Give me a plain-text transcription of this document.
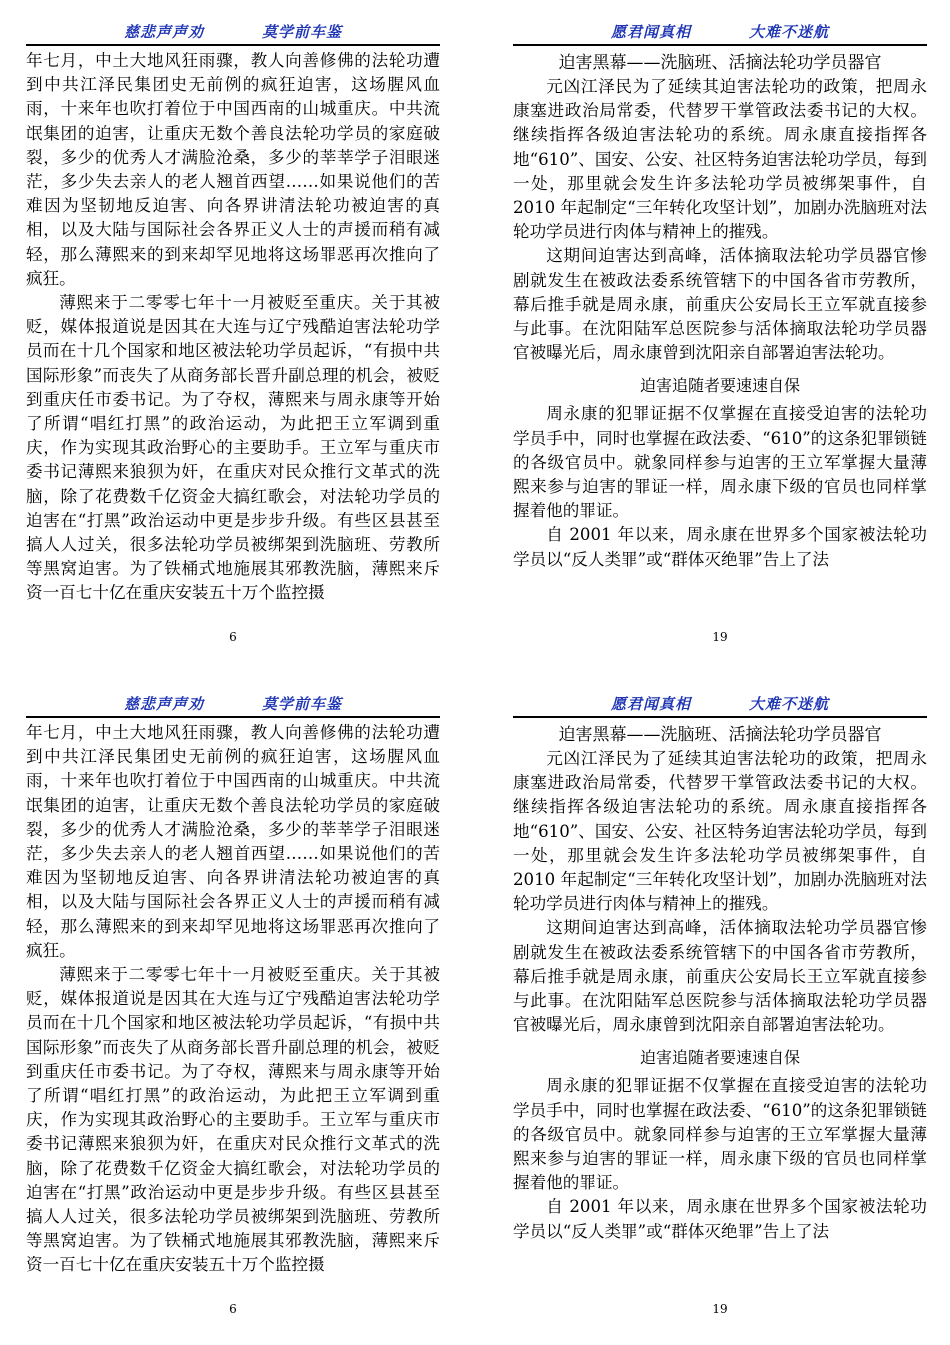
慈悲声声劝	莫学前车鉴

年七月，中土大地风狂雨骤，教人向善修佛的法轮功遭到中共江泽民集团史无前例的疯狂迫害，这场腥风血雨，十来年也吹打着位于中国西南的山城重庆。中共流氓集团的迫害，让重庆无数个善良法轮功学员的家庭破裂，多少的优秀人才满脸沧桑，多少的莘莘学子泪眼迷茫，多少失去亲人的老人翘首西望……如果说他们的苦难因为坚韧地反迫害、向各界讲清法轮功被迫害的真相，以及大陆与国际社会各界正义人士的声援而稍有减轻，那么薄熙来的到来却罕见地将这场罪恶再次推向了疯狂。

薄熙来于二零零七年十一月被贬至重庆。关于其被贬，媒体报道说是因其在大连与辽宁残酷迫害法轮功学员而在十几个国家和地区被法轮功学员起诉，“有损中共国际形象”而丧失了从商务部长晋升副总理的机会，被贬到重庆任市委书记。为了夺权，薄熙来与周永康等开始了所谓“唱红打黑”的政治运动，为此把王立军调到重庆，作为实现其政治野心的主要助手。王立军与重庆市委书记薄熙来狼狈为奸，在重庆对民众推行文革式的洗脑，除了花费数千亿资金大搞红歌会，对法轮功学员的迫害在“打黑”政治运动中更是步步升级。有些区县甚至搞人人过关，很多法轮功学员被绑架到洗脑班、劳教所等黑窝迫害。为了铁桶式地施展其邪教洗脑，薄熙来斥资一百七十亿在重庆安装五十万个监控摄

6
愿君闻真相	大难不迷航
迫害黑幕——洗脑班、活摘法轮功学员器官

元凶江泽民为了延续其迫害法轮功的政策，把周永康塞进政治局常委，代替罗干掌管政法委书记的大权。继续指挥各级迫害法轮功的系统。周永康直接指挥各地“610”、国安、公安、社区特务迫害法轮功学员，每到一处，那里就会发生许多法轮功学员被绑架事件，自 2010 年起制定“三年转化攻坚计划”，加剧办洗脑班对法轮功学员进行肉体与精神上的摧残。

这期间迫害达到高峰，活体摘取法轮功学员器官惨剧就发生在被政法委系统管辖下的中国各省市劳教所，幕后推手就是周永康，前重庆公安局长王立军就直接参与此事。在沈阳陆军总医院参与活体摘取法轮功学员器官被曝光后，周永康曾到沈阳亲自部署迫害法轮功。

迫害追随者要速速自保

周永康的犯罪证据不仅掌握在直接受迫害的法轮功学员手中，同时也掌握在政法委、“610”的这条犯罪锁链的各级官员中。就象同样参与迫害的王立军掌握大量薄熙来参与迫害的罪证一样，周永康下级的官员也同样掌握着他的罪证。

自 2001 年以来，周永康在世界多个国家被法轮功学员以“反人类罪”或“群体灭绝罪”告上了法

19
慈悲声声劝	莫学前车鉴

年七月，中土大地风狂雨骤，教人向善修佛的法轮功遭到中共江泽民集团史无前例的疯狂迫害，这场腥风血雨，十来年也吹打着位于中国西南的山城重庆。中共流氓集团的迫害，让重庆无数个善良法轮功学员的家庭破裂，多少的优秀人才满脸沧桑，多少的莘莘学子泪眼迷茫，多少失去亲人的老人翘首西望……如果说他们的苦难因为坚韧地反迫害、向各界讲清法轮功被迫害的真相，以及大陆与国际社会各界正义人士的声援而稍有减轻，那么薄熙来的到来却罕见地将这场罪恶再次推向了疯狂。

薄熙来于二零零七年十一月被贬至重庆。关于其被贬，媒体报道说是因其在大连与辽宁残酷迫害法轮功学员而在十几个国家和地区被法轮功学员起诉，“有损中共国际形象”而丧失了从商务部长晋升副总理的机会，被贬到重庆任市委书记。为了夺权，薄熙来与周永康等开始了所谓“唱红打黑”的政治运动，为此把王立军调到重庆，作为实现其政治野心的主要助手。王立军与重庆市委书记薄熙来狼狈为奸，在重庆对民众推行文革式的洗脑，除了花费数千亿资金大搞红歌会，对法轮功学员的迫害在“打黑”政治运动中更是步步升级。有些区县甚至搞人人过关，很多法轮功学员被绑架到洗脑班、劳教所等黑窝迫害。为了铁桶式地施展其邪教洗脑，薄熙来斥资一百七十亿在重庆安装五十万个监控摄

6
愿君闻真相	大难不迷航
迫害黑幕——洗脑班、活摘法轮功学员器官

元凶江泽民为了延续其迫害法轮功的政策，把周永康塞进政治局常委，代替罗干掌管政法委书记的大权。继续指挥各级迫害法轮功的系统。周永康直接指挥各地“610”、国安、公安、社区特务迫害法轮功学员，每到一处，那里就会发生许多法轮功学员被绑架事件，自 2010 年起制定“三年转化攻坚计划”，加剧办洗脑班对法轮功学员进行肉体与精神上的摧残。

这期间迫害达到高峰，活体摘取法轮功学员器官惨剧就发生在被政法委系统管辖下的中国各省市劳教所，幕后推手就是周永康，前重庆公安局长王立军就直接参与此事。在沈阳陆军总医院参与活体摘取法轮功学员器官被曝光后，周永康曾到沈阳亲自部署迫害法轮功。

迫害追随者要速速自保

周永康的犯罪证据不仅掌握在直接受迫害的法轮功学员手中，同时也掌握在政法委、“610”的这条犯罪锁链的各级官员中。就象同样参与迫害的王立军掌握大量薄熙来参与迫害的罪证一样，周永康下级的官员也同样掌握着他的罪证。

自 2001 年以来，周永康在世界多个国家被法轮功学员以“反人类罪”或“群体灭绝罪”告上了法

19
